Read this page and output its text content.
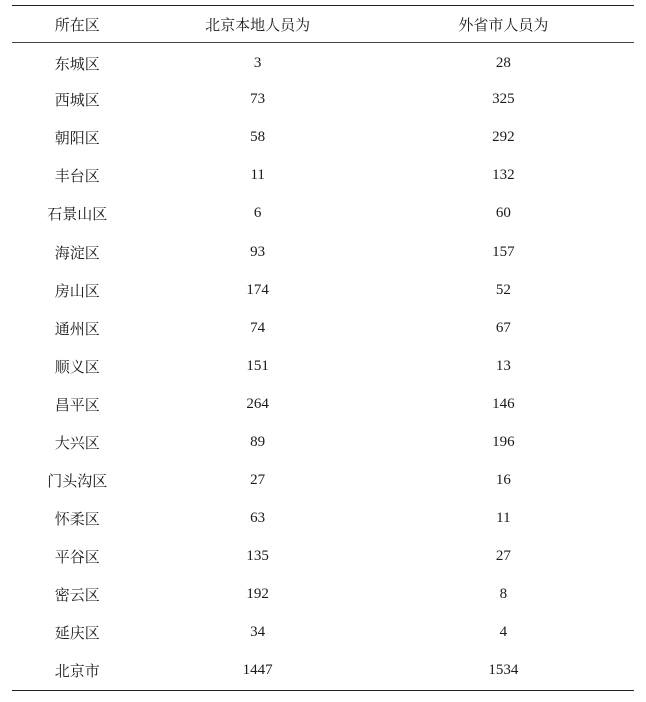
所在区	北京本地人员为	外省市人员为
东城区	3	28
西城区	73	325
朝阳区	58	292
丰台区	11	132
石景山区	6	60
海淀区	93	157
房山区	174	52
通州区	74	67
顺义区	151	13
昌平区	264	146
大兴区	89	196
门头沟区	27	16
怀柔区	63	11
平谷区	135	27
密云区	192	8
延庆区	34	4
北京市	1447	1534
